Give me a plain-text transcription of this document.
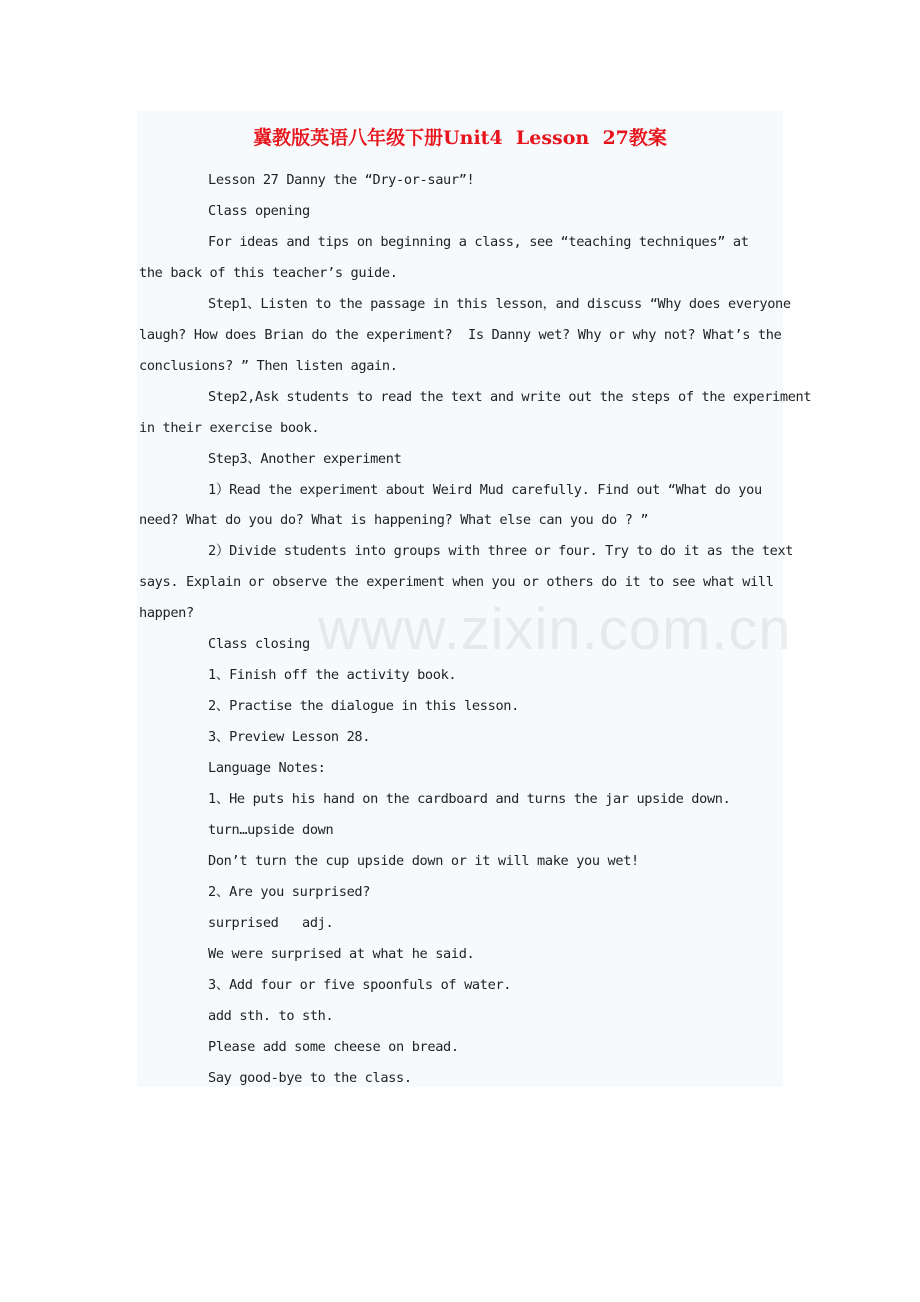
冀教版英语八年级下册Unit4  Lesson  27教案
Lesson 27 Danny the “Dry-or-saur”!
Class opening
For ideas and tips on beginning a class, see “teaching techniques” at
the back of this teacher’s guide.
Step1、Listen to the passage in this lesson，and discuss “Why does everyone
laugh? How does Brian do the experiment?  Is Danny wet? Why or why not? What’s the
conclusions? ” Then listen again.
Step2,Ask students to read the text and write out the steps of the experiment
in their exercise book.
Step3、Another experiment
1）Read the experiment about Weird Mud carefully. Find out “What do you
need? What do you do? What is happening? What else can you do ? ”
2）Divide students into groups with three or four. Try to do it as the text
says. Explain or observe the experiment when you or others do it to see what will
happen?
Class closing
1、Finish off the activity book.
2、Practise the dialogue in this lesson.
3、Preview Lesson 28.
Language Notes:
1、He puts his hand on the cardboard and turns the jar upside down.
turn…upside down
Don’t turn the cup upside down or it will make you wet!
2、Are you surprised?
surprised   adj.
We were surprised at what he said.
3、Add four or five spoonfuls of water.
add sth. to sth.
Please add some cheese on bread.
Say good-bye to the class.
www.zixin.com.cn
